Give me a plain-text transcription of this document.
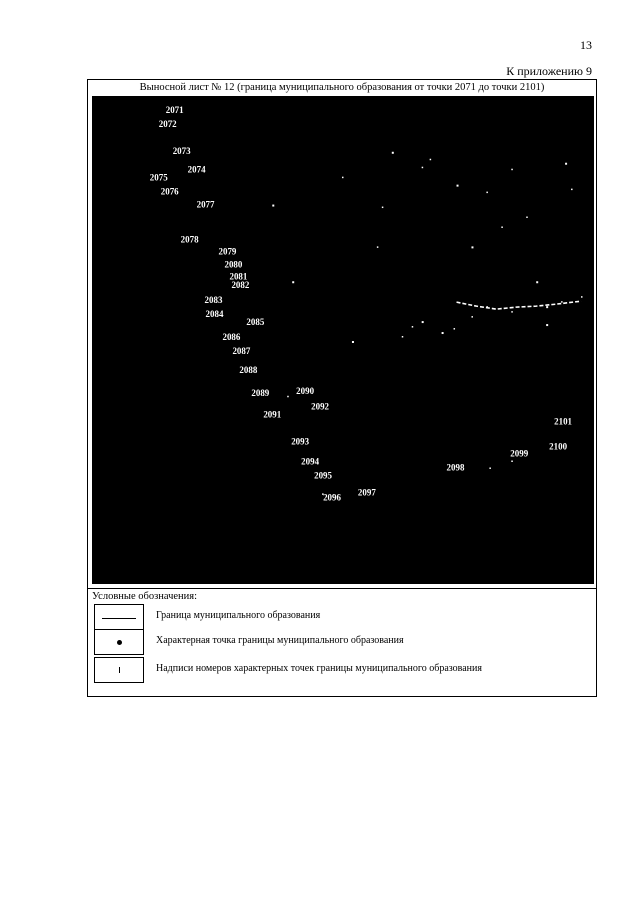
13
К приложению 9
Выносной лист № 12 (граница муниципального образования от точки 2071 до точки 2101)
2071
2072
2073
2074
2075
2076
2077
2078
2079
2080
2081
2082
2083
2084
2085
2086
2087
2088
2089	2090
2091
2092
2093
2094
2095
2096 2097
2098
2099
2100
2101
Масштаб 1:25000
Условные обозначения:
Граница муниципального образования
Характерная точка границы муниципального образования
Надписи номеров характерных точек границы муниципального образования
